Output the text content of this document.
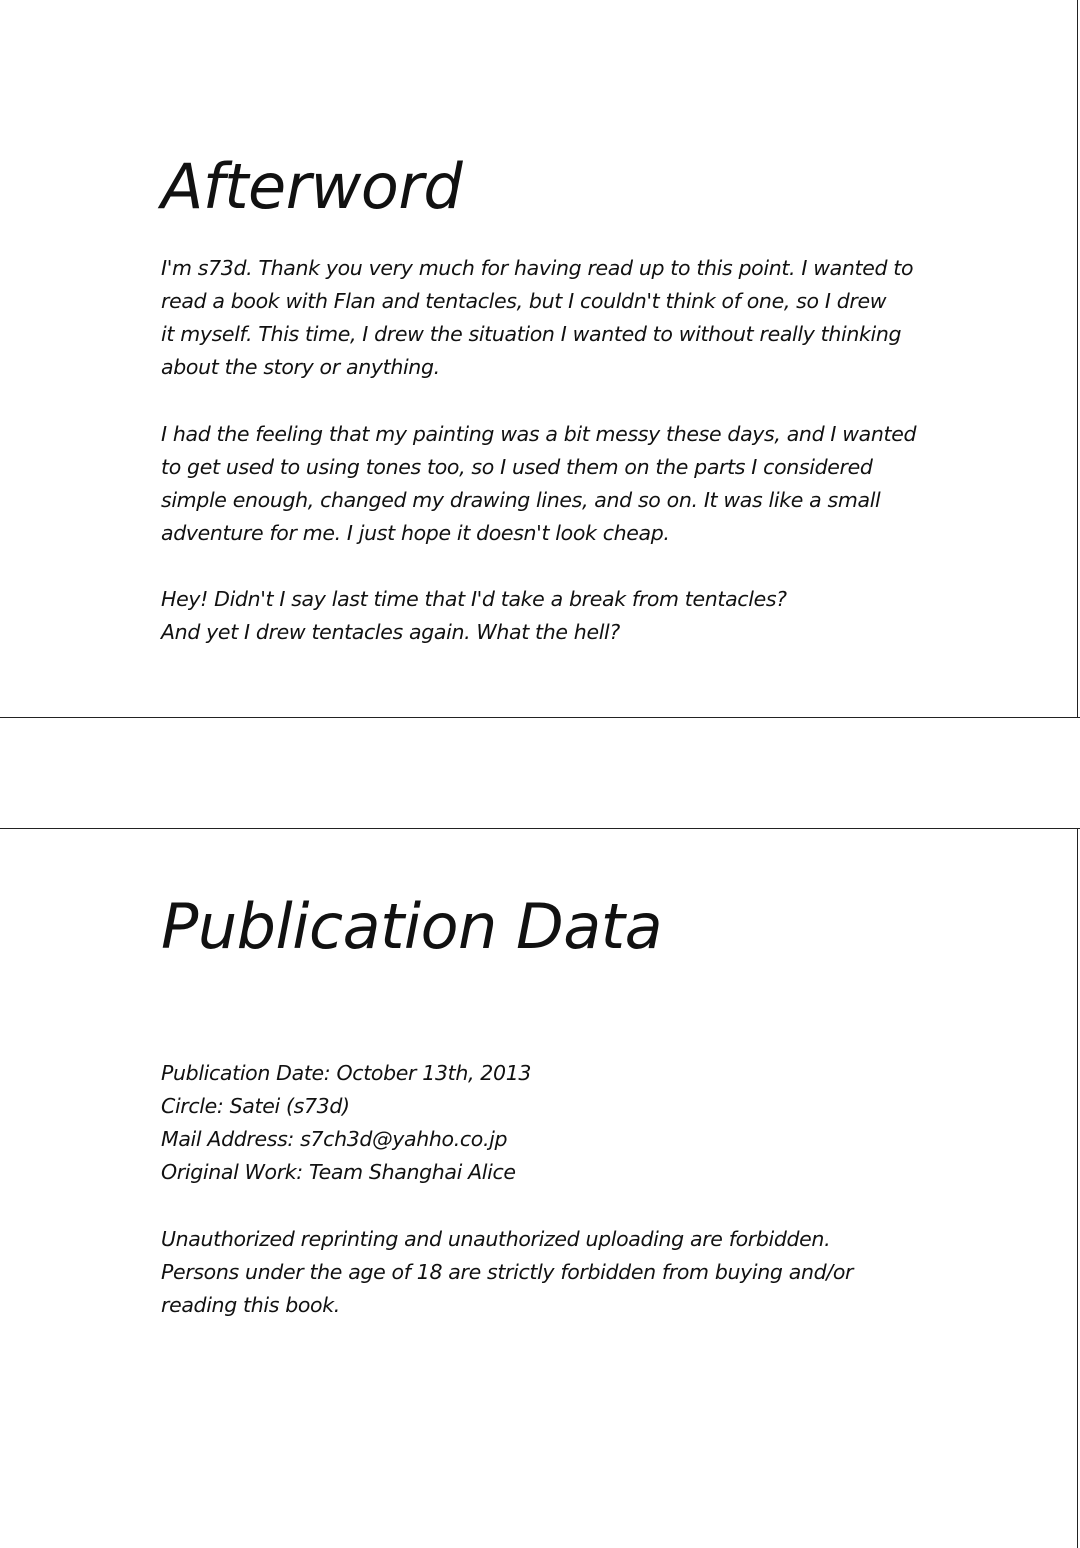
Afterword

I'm s73d. Thank you very much for having read up to this point. I wanted to
read a book with Flan and tentacles, but I couldn't think of one, so I drew
it myself. This time, I drew the situation I wanted to without really thinking
about the story or anything.

I had the feeling that my painting was a bit messy these days, and I wanted
to get used to using tones too, so I used them on the parts I considered
simple enough, changed my drawing lines, and so on. It was like a small
adventure for me. I just hope it doesn't look cheap.

Hey! Didn't I say last time that I'd take a break from tentacles?
And yet I drew tentacles again. What the hell?

Publication Data

Publication Date: October 13th, 2013
Circle: Satei (s73d)
Mail Address: s7ch3d@yahho.co.jp
Original Work: Team Shanghai Alice

Unauthorized reprinting and unauthorized uploading are forbidden.
Persons under the age of 18 are strictly forbidden from buying and/or
reading this book.
